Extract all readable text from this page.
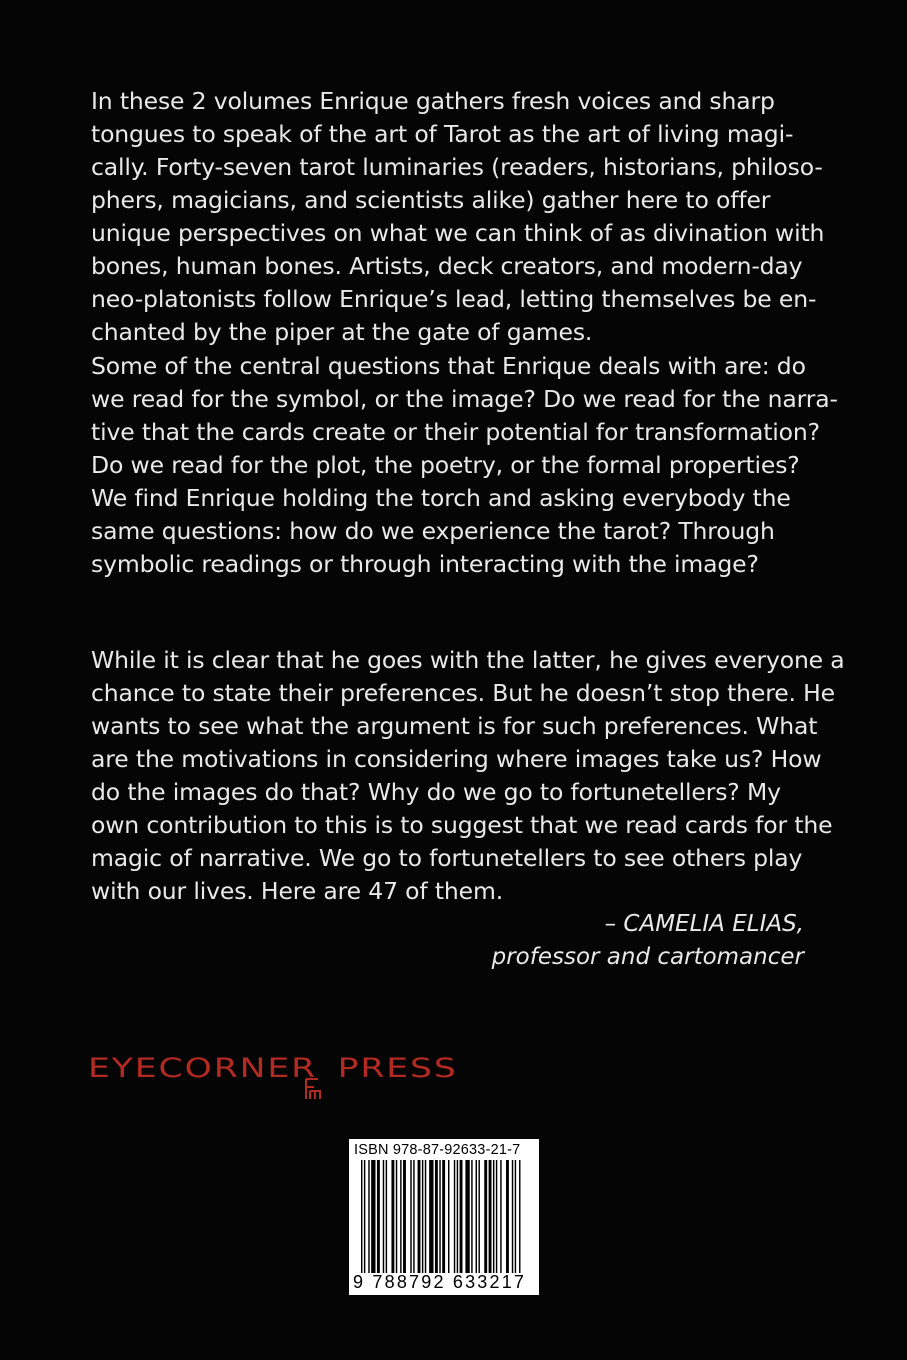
In these 2 volumes Enrique gathers fresh voices and sharp
tongues to speak of the art of Tarot as the art of living magi-
cally. Forty-seven tarot luminaries (readers, historians, philoso-
phers, magicians, and scientists alike) gather here to offer
unique perspectives on what we can think of as divination with
bones, human bones. Artists, deck creators, and modern-day
neo-platonists follow Enrique’s lead, letting themselves be en-
chanted by the piper at the gate of games.
Some of the central questions that Enrique deals with are: do
we read for the symbol, or the image? Do we read for the narra-
tive that the cards create or their potential for transformation?
Do we read for the plot, the poetry, or the formal properties?
We find Enrique holding the torch and asking everybody the
same questions: how do we experience the tarot? Through
symbolic readings or through interacting with the image?
While it is clear that he goes with the latter, he gives everyone a
chance to state their preferences. But he doesn’t stop there. He
wants to see what the argument is for such preferences. What
are the motivations in considering where images take us? How
do the images do that? Why do we go to fortunetellers? My
own contribution to this is to suggest that we read cards for the
magic of narrative. We go to fortunetellers to see others play
with our lives. Here are 47 of them.
– CAMELIA ELIAS,
professor and cartomancer
EYECORNER PRESS
ISBN 978-87-92633-21-7
9 788792 633217
